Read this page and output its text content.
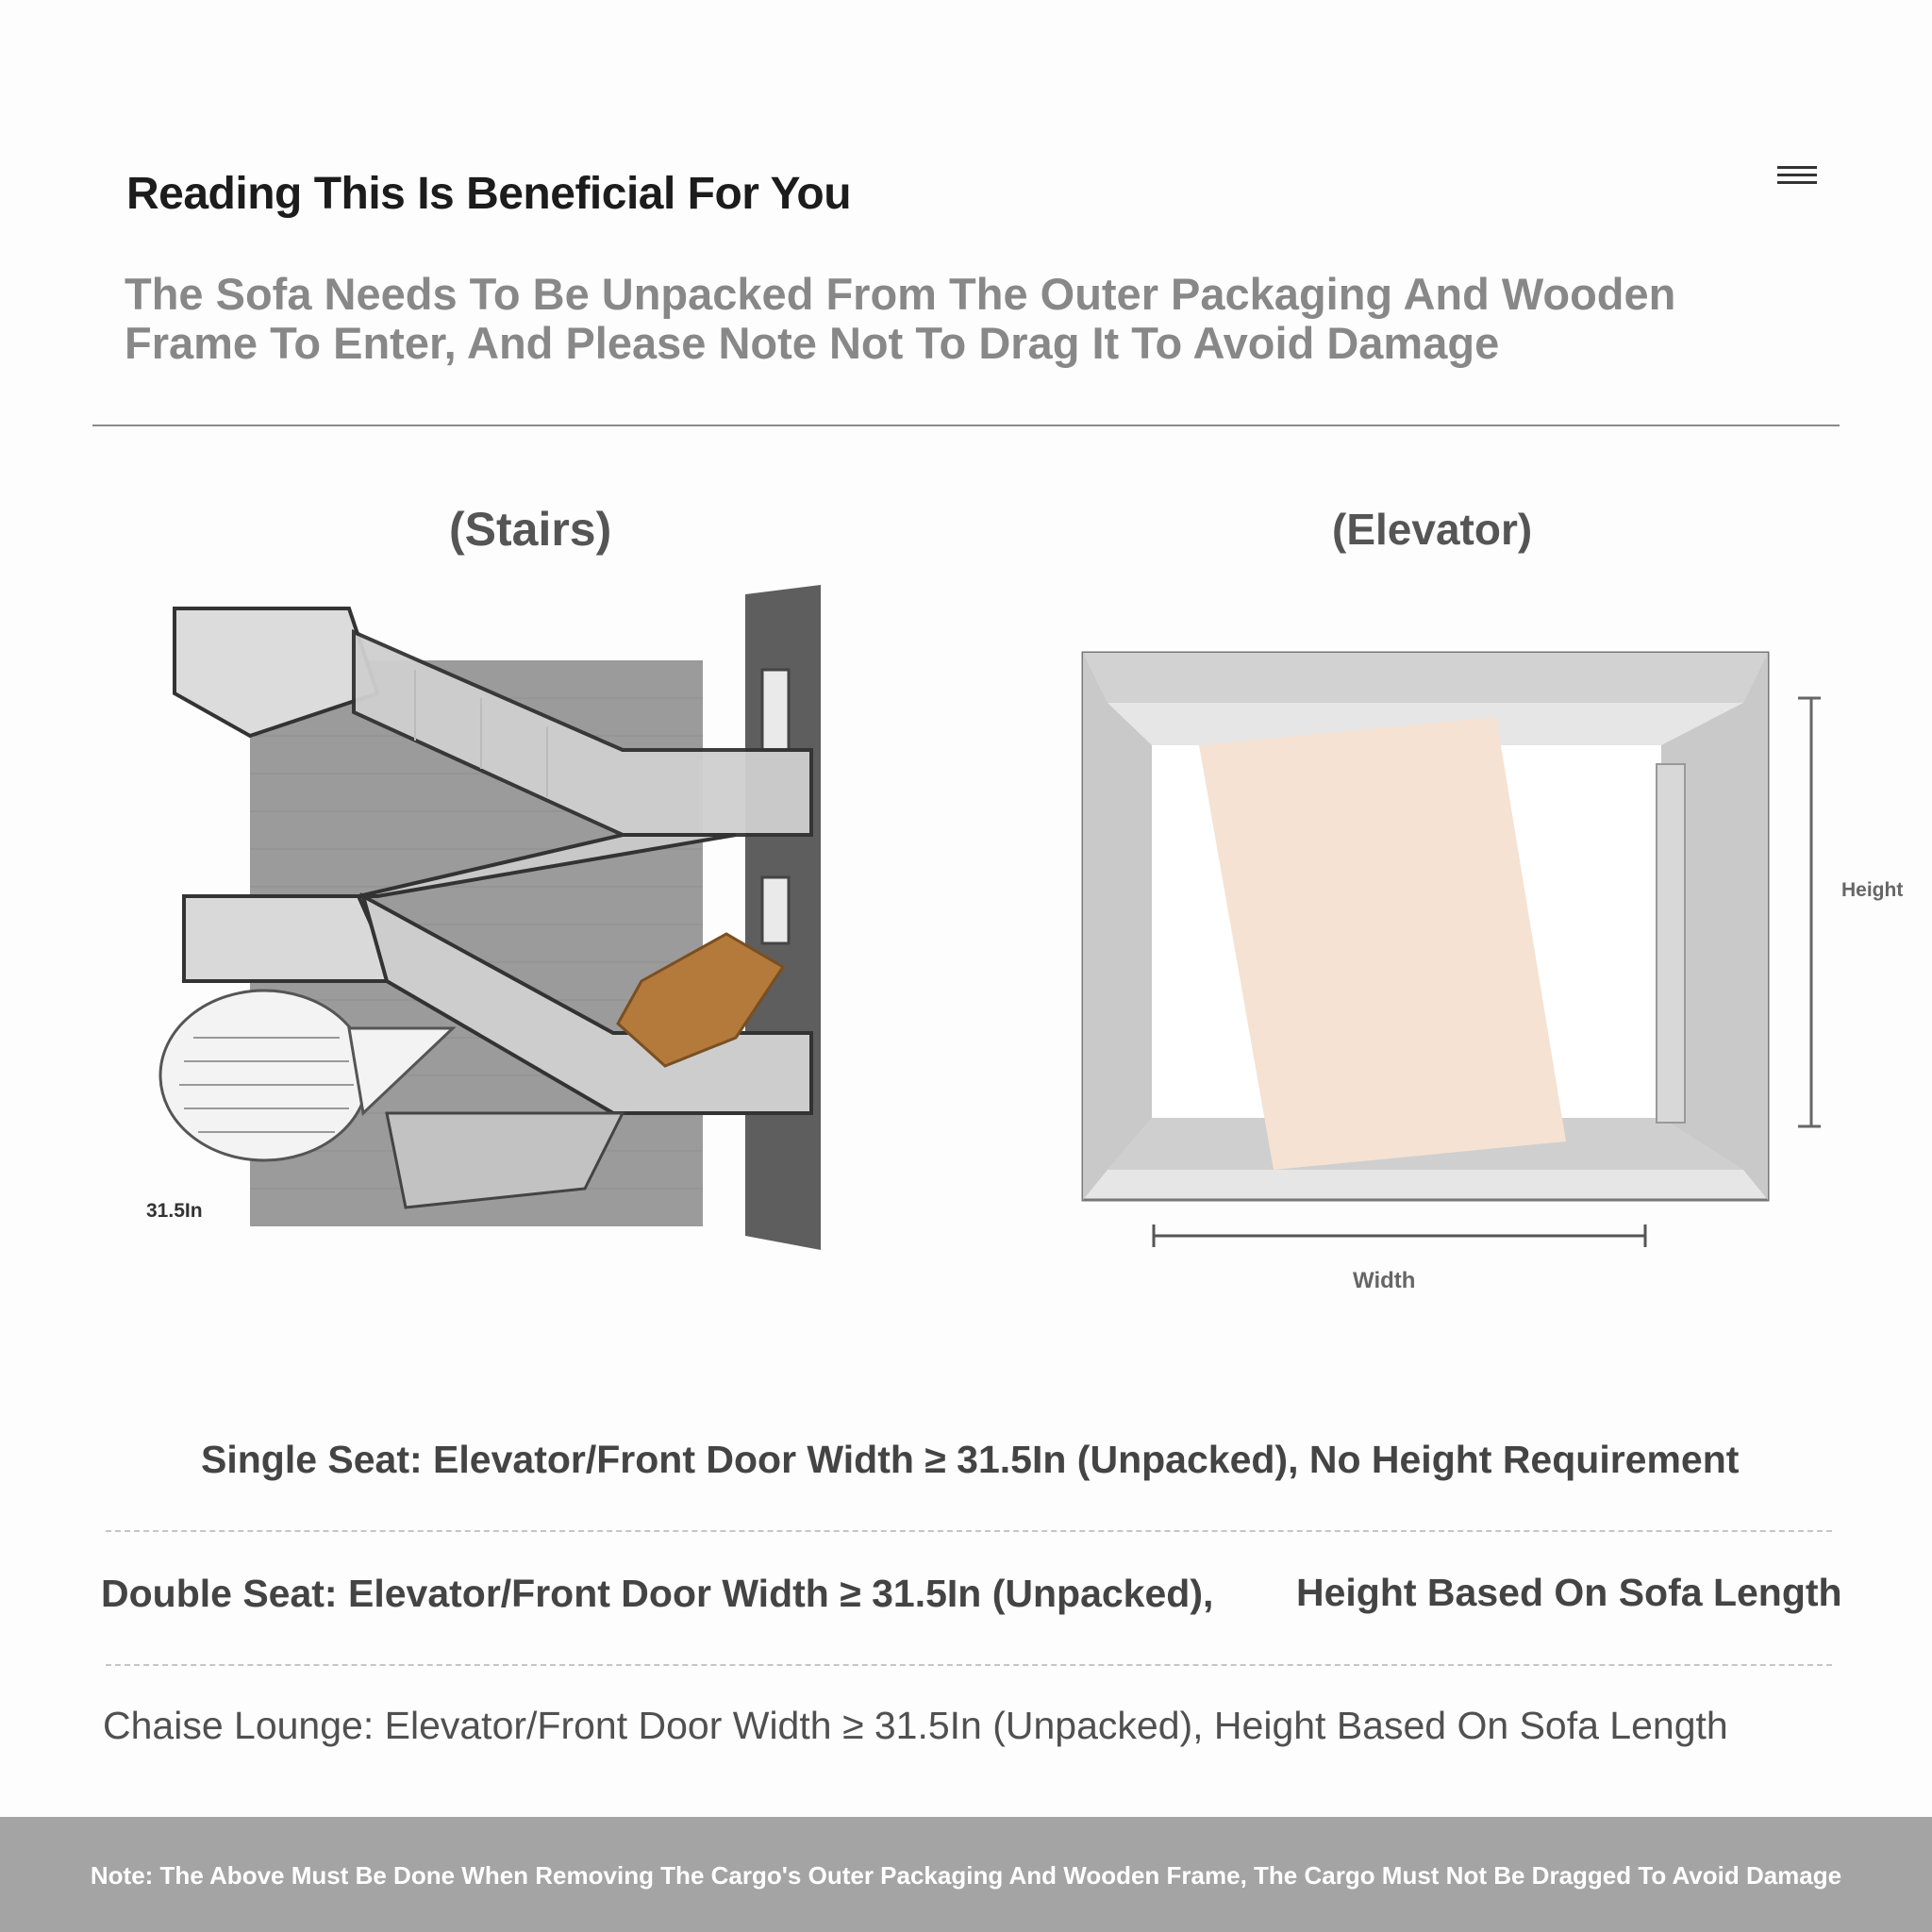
Reading This Is Beneficial For You
The Sofa Needs To Be Unpacked From The Outer Packaging And Wooden
Frame To Enter, And Please Note Not To Drag It To Avoid Damage
(Stairs)	(Elevator)
31.5In
Height
Width
Single Seat: Elevator/Front Door Width ≥ 31.5In (Unpacked), No Height Requirement
Double Seat: Elevator/Front Door Width ≥ 31.5In (Unpacked), Height Based On Sofa Length
Chaise Lounge: Elevator/Front Door Width ≥ 31.5In (Unpacked), Height Based On Sofa Length
Note: The Above Must Be Done When Removing The Cargo's Outer Packaging And Wooden Frame, The Cargo Must Not Be Dragged To Avoid Damage
